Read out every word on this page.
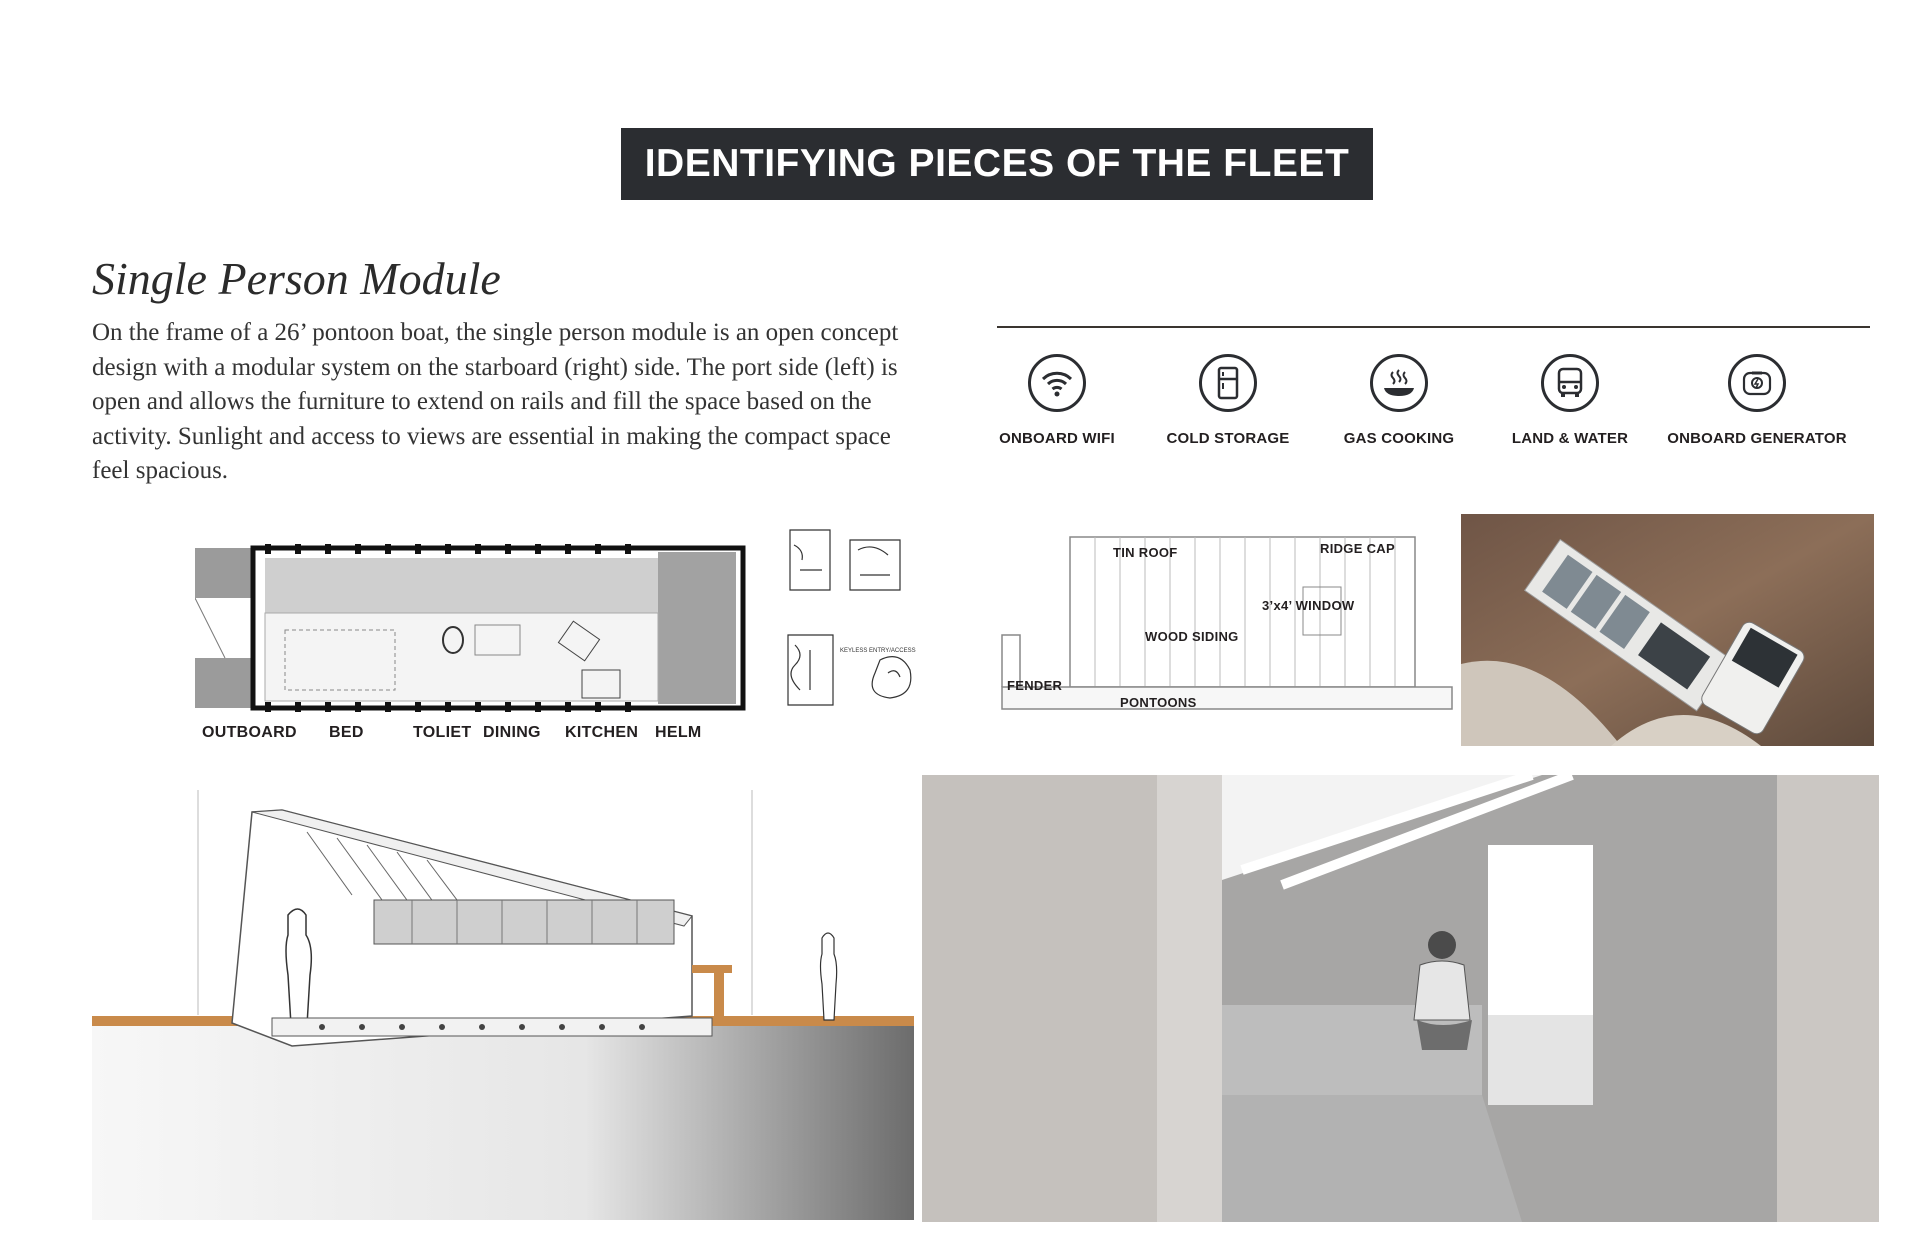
IDENTIFYING PIECES OF THE FLEET
Single Person Module

On the frame of a 26’ pontoon boat, the single person module is an open concept design with a modular system on the starboard (right) side. The port side (left) is open and allows the furniture to extend on rails and fill the space based on the activity. Sunlight and access to views are essential in making the compact space feel spacious.

ONBOARD WIFI	COLD STORAGE	GAS COOKING	LAND & WATER	ONBOARD GENERATOR
OUTBOARD BED	TOLIET DINING KITCHEN HELM
KEYLESS ENTRY/ACCESS
TIN ROOF	RIDGE CAP
3’x4’ WINDOW
WOOD SIDING
FENDER
PONTOONS
